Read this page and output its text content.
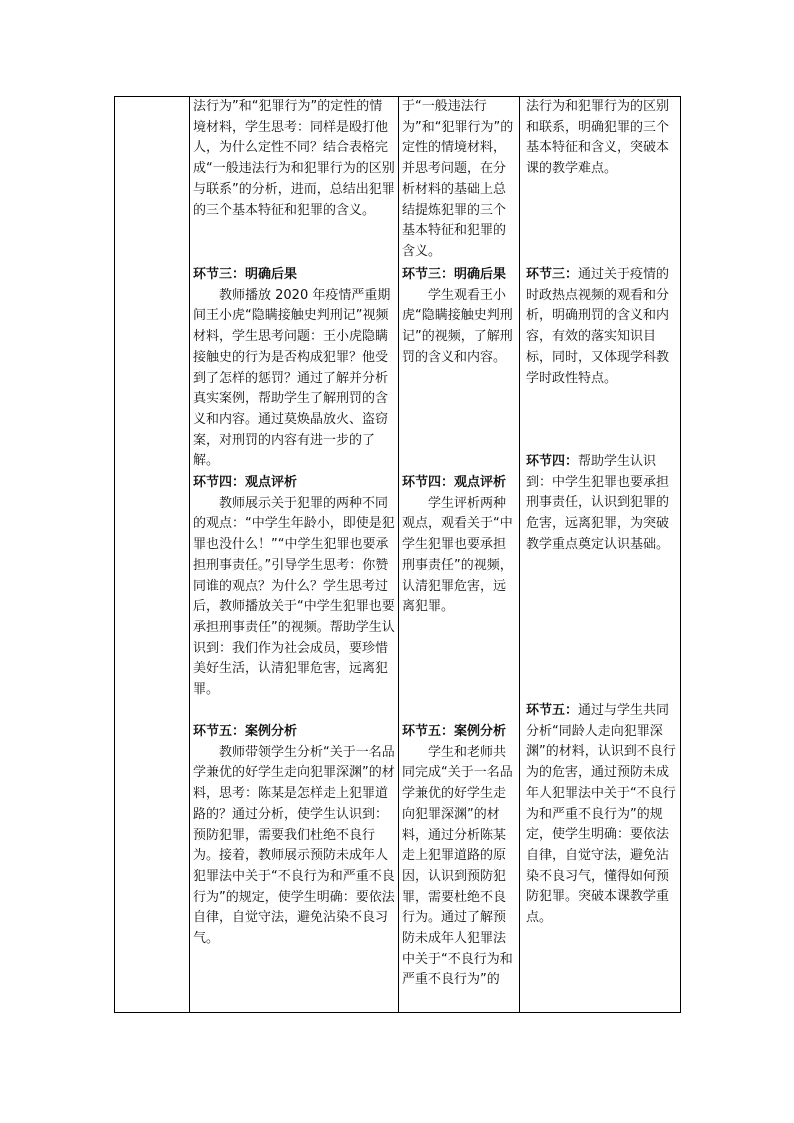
法行为”和“犯罪行为”的定性的情境材料，学生思考：同样是殴打他人，为什么定性不同？结合表格完成“一般违法行为和犯罪行为的区别与联系”的分析，进而，总结出犯罪的三个基本特征和犯罪的含义。

环节三：明确后果

教师播放 2020 年疫情严重期间王小虎“隐瞒接触史判刑记”视频材料，学生思考问题：王小虎隐瞒接触史的行为是否构成犯罪？他受到了怎样的惩罚？通过了解并分析真实案例，帮助学生了解刑罚的含义和内容。通过莫焕晶放火、盗窃案，对刑罚的内容有进一步的了解。

环节四：观点评析

教师展示关于犯罪的两种不同的观点：“中学生年龄小，即使是犯罪也没什么！”“中学生犯罪也要承担刑事责任。”引导学生思考：你赞同谁的观点？为什么？学生思考过后，教师播放关于“中学生犯罪也要承担刑事责任”的视频。帮助学生认识到：我们作为社会成员，要珍惜美好生活，认清犯罪危害，远离犯罪。

环节五：案例分析

教师带领学生分析“关于一名品学兼优的好学生走向犯罪深渊”的材料，思考：陈某是怎样走上犯罪道路的？通过分析，使学生认识到：预防犯罪，需要我们杜绝不良行为。接着，教师展示预防未成年人犯罪法中关于“不良行为和严重不良行为”的规定，使学生明确：要依法自律，自觉守法，避免沾染不良习气。

于“一般违法行为”和“犯罪行为”的定性的情境材料，并思考问题，在分析材料的基础上总结提炼犯罪的三个基本特征和犯罪的含义。

环节三：明确后果

学生观看王小虎“隐瞒接触史判刑记”的视频，了解刑罚的含义和内容。

环节四：观点评析

学生评析两种观点，观看关于“中学生犯罪也要承担刑事责任”的视频，认清犯罪危害，远离犯罪。

环节五：案例分析

学生和老师共同完成“关于一名品学兼优的好学生走向犯罪深渊”的材料，通过分析陈某走上犯罪道路的原因，认识到预防犯罪，需要杜绝不良行为。通过了解预防未成年人犯罪法中关于“不良行为和严重不良行为”的

法行为和犯罪行为的区别和联系，明确犯罪的三个基本特征和含义，突破本课的教学难点。

环节三：通过关于疫情的时政热点视频的观看和分析，明确刑罚的含义和内容，有效的落实知识目标，同时，又体现学科教学时政性特点。

环节四：帮助学生认识到：中学生犯罪也要承担刑事责任，认识到犯罪的危害，远离犯罪，为突破教学重点奠定认识基础。

环节五：通过与学生共同分析“同龄人走向犯罪深渊”的材料，认识到不良行为的危害，通过预防未成年人犯罪法中关于“不良行为和严重不良行为”的规定，使学生明确：要依法自律，自觉守法，避免沾染不良习气，懂得如何预防犯罪。突破本课教学重点。
